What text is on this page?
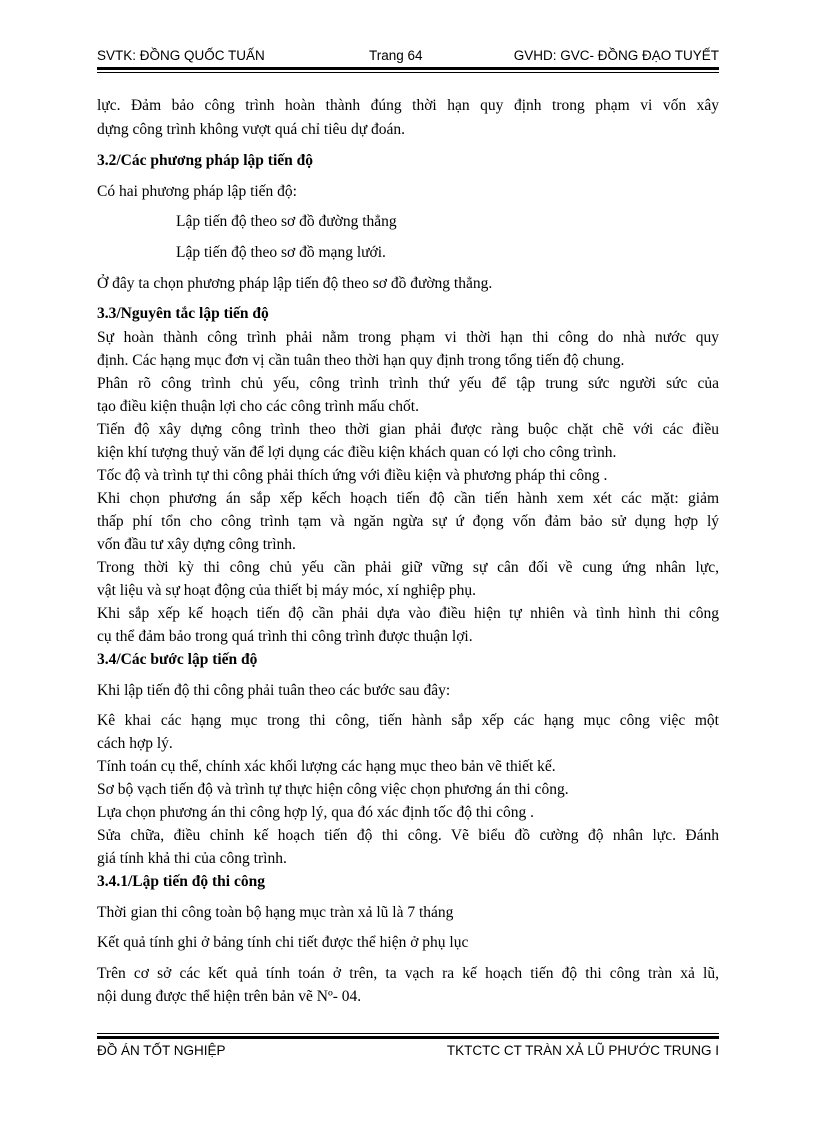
SVTK: ĐỒNG QUỐC TUẤN	Trang 64	GVHD: GVC- ĐỒNG ĐẠO TUYẾT
lực. Đảm bảo công trình hoàn thành đúng thời hạn quy định trong phạm vi vốn xây
dựng công trình không vượt quá chỉ tiêu dự đoán.
3.2/Các phương pháp lập tiến độ
Có hai phương pháp lập tiến độ:
Lập tiến độ theo sơ đồ đường thẳng
Lập tiến độ theo sơ đồ mạng lưới.
Ở đây ta chọn phương pháp lập tiến độ theo sơ đồ đường thẳng.
3.3/Nguyên tắc lập tiến độ
Sự hoàn thành công trình phải nằm trong phạm vi thời hạn thi công do nhà nước quy
định. Các hạng mục đơn vị cần tuân theo thời hạn quy định trong tổng tiến độ chung.
Phân rõ công trình chủ yếu, công trình trình thứ yếu để tập trung sức người sức của
tạo điều kiện thuận lợi cho các công trình mấu chốt.
Tiến độ xây dựng công trình theo thời gian phải được ràng buộc chặt chẽ với các điều
kiện khí tượng thuỷ văn để lợi dụng các điều kiện khách quan có lợi cho công trình.
Tốc độ và trình tự thi công phải thích ứng với điều kiện và phương pháp thi công .
Khi chọn phương án sắp xếp kếch hoạch tiến độ cần tiến hành xem xét các mặt: giảm
thấp phí tổn cho công trình tạm và ngăn ngừa sự ứ đọng vốn đảm bảo sử dụng hợp lý
vốn đầu tư xây dựng công trình.
Trong thời kỳ thi công chủ yếu cần phải giữ vững sự cân đối về cung ứng nhân lực,
vật liệu và sự hoạt động của thiết bị máy móc, xí nghiệp phụ.
Khi sắp xếp kế hoạch tiến độ cần phải dựa vào điều hiện tự nhiên và tình hình thi công
cụ thể đảm bảo trong quá trình thi công trình được thuận lợi.
3.4/Các bước lập tiến độ
Khi lập tiến độ thi công phải tuân theo các bước sau đây:
Kê khai các hạng mục trong thi công, tiến hành sắp xếp các hạng mục công việc một
cách hợp lý.
Tính toán cụ thể, chính xác khối lượng các hạng mục theo bản vẽ thiết kế.
Sơ bộ vạch tiến độ và trình tự thực hiện công việc chọn phương án thi công.
Lựa chọn phương án thi công hợp lý, qua đó xác định tốc độ thi công .
Sửa chữa, điều chỉnh kế hoạch tiến độ thi công. Vẽ biểu đồ cường độ nhân lực. Đánh
giá tính khả thi của công trình.
3.4.1/Lập tiến độ thi công
Thời gian thi công toàn bộ hạng mục tràn xả lũ là 7 tháng
Kết quả tính ghi ở bảng tính chi tiết được thể hiện ở phụ lục
Trên cơ sở các kết quả tính toán ở trên, ta vạch ra kế hoạch tiến độ thi công tràn xả lũ,
nội dung được thể hiện trên bản vẽ Nº- 04.
ĐỒ ÁN TỐT NGHIỆP	TKTCTC CT TRÀN XẢ LŨ PHƯỚC TRUNG I
